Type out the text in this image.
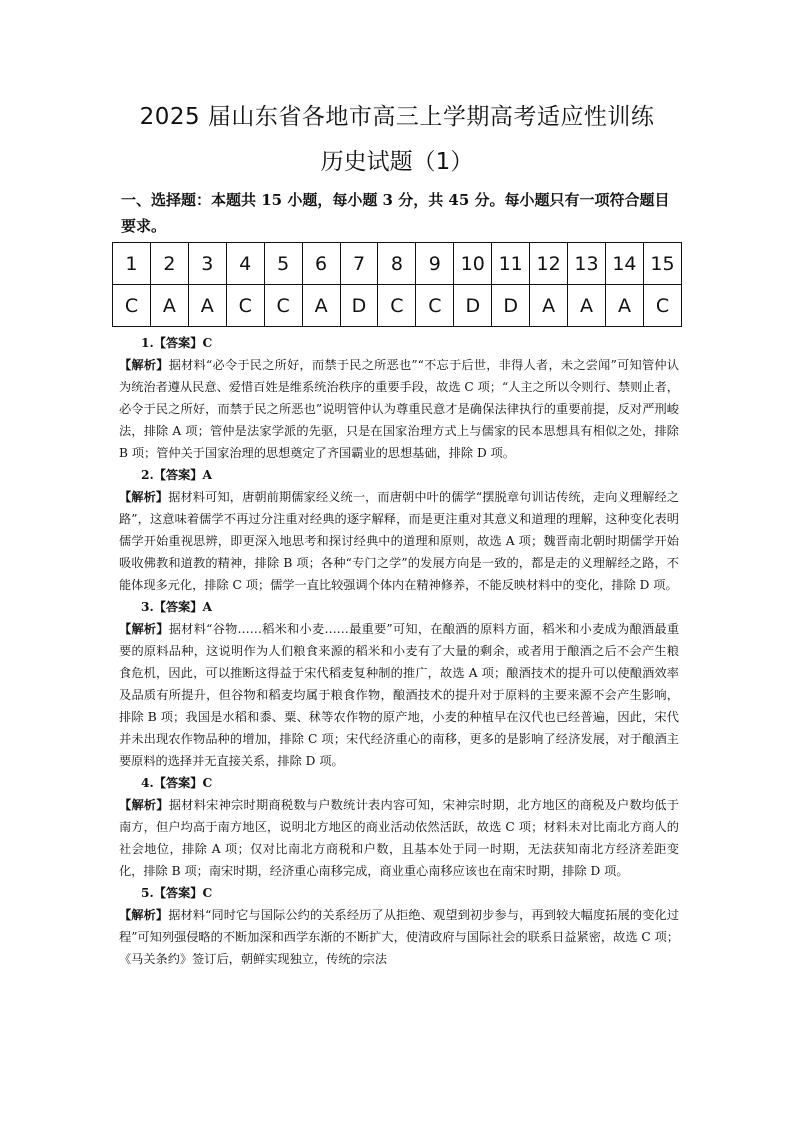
2025 届山东省各地市高三上学期高考适应性训练
历史试题（1）
一、选择题：本题共 15 小题，每小题 3 分，共 45 分。每小题只有一项符合题目要求。
1	2	3	4	5	6	7	8	9	10	11	12	13	14	15
C	A	A	C	C	A	D	C	C	D	D	A	A	A	C
1.【答案】C
【解析】据材料“必令于民之所好，而禁于民之所恶也”“不忘于后世，非得人者，未之尝闻”可知管仲认为统治者遵从民意、爱惜百姓是维系统治秩序的重要手段，故选 C 项；“人主之所以令则行、禁则止者，必令于民之所好，而禁于民之所恶也”说明管仲认为尊重民意才是确保法律执行的重要前提，反对严刑峻法，排除 A 项；管仲是法家学派的先驱，只是在国家治理方式上与儒家的民本思想具有相似之处，排除 B 项；管仲关于国家治理的思想奠定了齐国霸业的思想基础，排除 D 项。
2.【答案】A
【解析】据材料可知，唐朝前期儒家经义统一，而唐朝中叶的儒学“摆脱章句训诂传统，走向义理解经之路”，这意味着儒学不再过分注重对经典的逐字解释，而是更注重对其意义和道理的理解，这种变化表明儒学开始重视思辨，即更深入地思考和探讨经典中的道理和原则，故选 A 项；魏晋南北朝时期儒学开始吸收佛教和道教的精神，排除 B 项；各种“专门之学”的发展方向是一致的，都是走的义理解经之路，不能体现多元化，排除 C 项；儒学一直比较强调个体内在精神修养，不能反映材料中的变化，排除 D 项。
3.【答案】A
【解析】据材料“谷物……稻米和小麦……最重要”可知，在酿酒的原料方面，稻米和小麦成为酿酒最重要的原料品种，这说明作为人们粮食来源的稻米和小麦有了大量的剩余，或者用于酿酒之后不会产生粮食危机，因此，可以推断这得益于宋代稻麦复种制的推广，故选 A 项；酿酒技术的提升可以使酿酒效率及品质有所提升，但谷物和稻麦均属于粮食作物，酿酒技术的提升对于原料的主要来源不会产生影响，排除 B 项；我国是水稻和黍、粟、秫等农作物的原产地，小麦的种植早在汉代也已经普遍，因此，宋代并未出现农作物品种的增加，排除 C 项；宋代经济重心的南移，更多的是影响了经济发展，对于酿酒主要原料的选择并无直接关系，排除 D 项。
4.【答案】C
【解析】据材料宋神宗时期商税数与户数统计表内容可知，宋神宗时期，北方地区的商税及户数均低于南方，但户均高于南方地区，说明北方地区的商业活动依然活跃，故选 C 项；材料未对比南北方商人的社会地位，排除 A 项；仅对比南北方商税和户数，且基本处于同一时期，无法获知南北方经济差距变化，排除 B 项；南宋时期，经济重心南移完成，商业重心南移应该也在南宋时期，排除 D 项。
5.【答案】C
【解析】据材料“同时它与国际公约的关系经历了从拒绝、观望到初步参与，再到较大幅度拓展的变化过程”可知列强侵略的不断加深和西学东渐的不断扩大，使清政府与国际社会的联系日益紧密，故选 C 项；《马关条约》签订后，朝鲜实现独立，传统的宗法
